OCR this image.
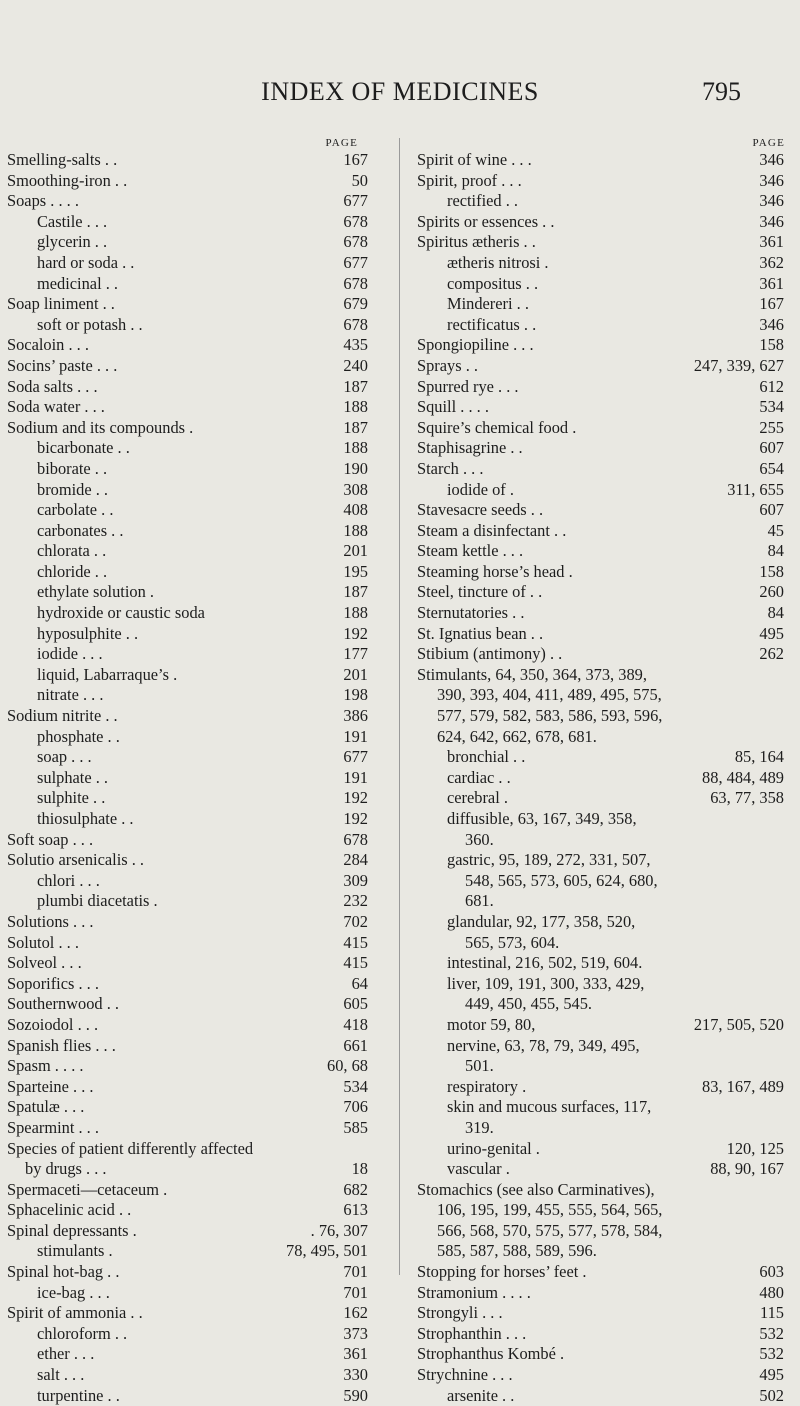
INDEX OF MEDICINES	795
PAGE
Smelling-salts . .	167
Smoothing-iron . .	50
Soaps . . . .	677
Castile . . .	678
glycerin . .	678
hard or soda . .	677
medicinal . .	678
Soap liniment . .	679
soft or potash . .	678
Socaloin . . .	435
Socins’ paste . . .	240
Soda salts . . .	187
Soda water . . .	188
Sodium and its compounds .	187
bicarbonate . .	188
biborate . .	190
bromide . .	308
carbolate . .	408
carbonates . .	188
chlorata . .	201
chloride . .	195
ethylate solution .	187
hydroxide or caustic soda	188
hyposulphite . .	192
iodide . . .	177
liquid, Labarraque’s .	201
nitrate . . .	198
Sodium nitrite . .	386
phosphate . .	191
soap . . .	677
sulphate . .	191
sulphite . .	192
thiosulphate . .	192
Soft soap . . .	678
Solutio arsenicalis . .	284
chlori . . .	309
plumbi diacetatis .	232
Solutions . . .	702
Solutol . . .	415
Solveol . . .	415
Soporifics . . .	64
Southernwood . .	605
Sozoiodol . . .	418
Spanish flies . . .	661
Spasm . . . .	60, 68
Sparteine . . .	534
Spatulæ . . .	706
Spearmint . . .	585
Species of patient differently affected
by drugs . . .	18
Spermaceti—cetaceum .	682
Sphacelinic acid . .	613
Spinal depressants .	. 76, 307
stimulants .	78, 495, 501
Spinal hot-bag . .	701
ice-bag . . .	701
Spirit of ammonia . .	162
chloroform . .	373
ether . . .	361
salt . . .	330
turpentine . .	590
PAGE
Spirit of wine . . .	346
Spirit, proof . . .	346
rectified . .	346
Spirits or essences . .	346
Spiritus ætheris . .	361
ætheris nitrosi .	362
compositus . .	361
Mindereri . .	167
rectificatus . .	346
Spongiopiline . . .	158
Sprays . .	247, 339, 627
Spurred rye . . .	612
Squill . . . .	534
Squire’s chemical food .	255
Staphisagrine . .	607
Starch . . .	654
iodide of .	311, 655
Stavesacre seeds . .	607
Steam a disinfectant . .	45
Steam kettle . . .	84
Steaming horse’s head .	158
Steel, tincture of . .	260
Sternutatories . .	84
St. Ignatius bean . .	495
Stibium (antimony) . .	262
Stimulants, 64, 350, 364, 373, 389,
390, 393, 404, 411, 489, 495, 575,
577, 579, 582, 583, 586, 593, 596,
624, 642, 662, 678, 681.
bronchial . .	85, 164
cardiac . .	88, 484, 489
cerebral .	63, 77, 358
diffusible, 63, 167, 349, 358,
360.
gastric, 95, 189, 272, 331, 507,
548, 565, 573, 605, 624, 680,
681.
glandular, 92, 177, 358, 520,
565, 573, 604.
intestinal, 216, 502, 519, 604.
liver, 109, 191, 300, 333, 429,
449, 450, 455, 545.
motor 59, 80,	217, 505, 520
nervine, 63, 78, 79, 349, 495,
501.
respiratory .	83, 167, 489
skin and mucous surfaces, 117,
319.
urino-genital .	120, 125
vascular .	88, 90, 167
Stomachics (see also Carminatives),
106, 195, 199, 455, 555, 564, 565,
566, 568, 570, 575, 577, 578, 584,
585, 587, 588, 589, 596.
Stopping for horses’ feet .	603
Stramonium . . . .	480
Strongyli . . .	115
Strophanthin . . .	532
Strophanthus Kombé .	532
Strychnine . . .	495
arsenite . .	502
